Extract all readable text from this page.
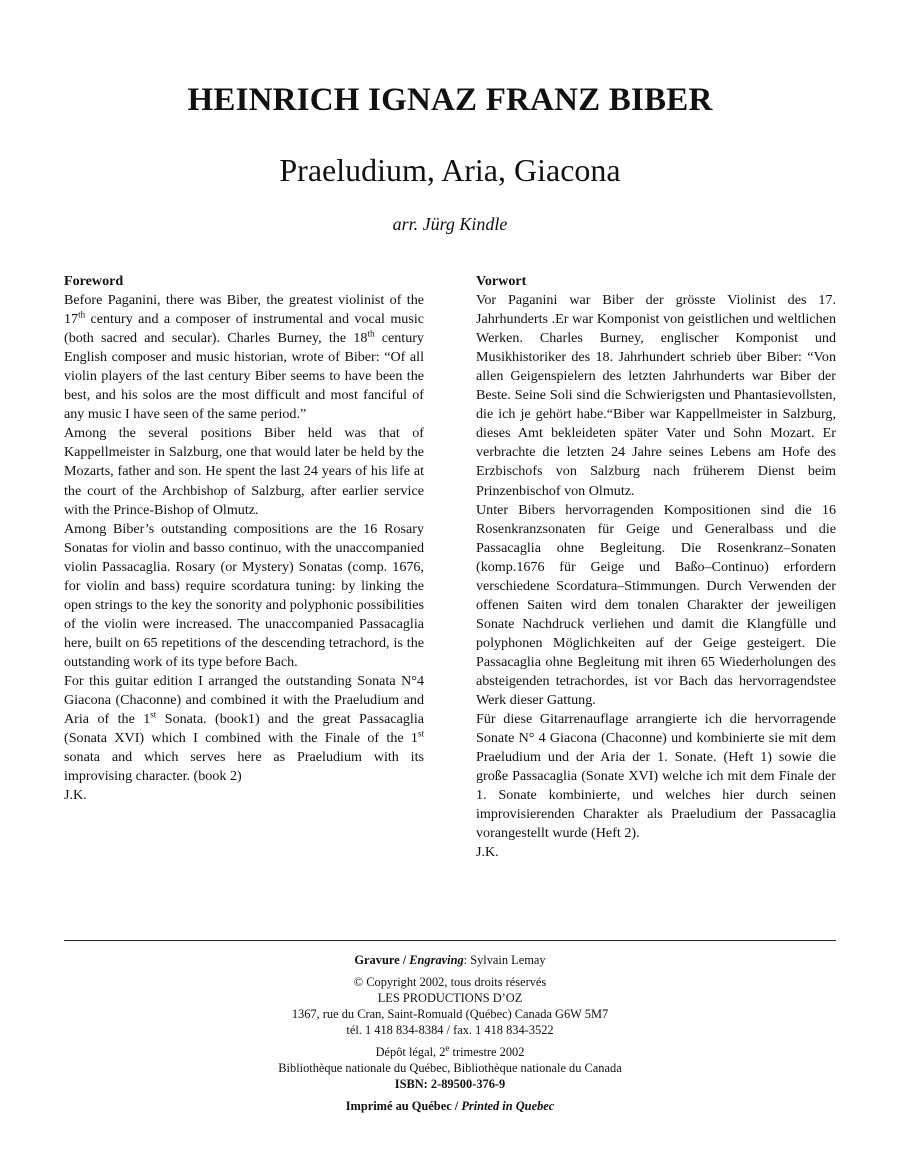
HEINRICH IGNAZ FRANZ BIBER
Praeludium, Aria, Giacona
arr. Jürg Kindle
Foreword

Before Paganini, there was Biber, the greatest violinist of the 17th century and a composer of instrumental and vocal music (both sacred and secular). Charles Burney, the 18th century English composer and music historian, wrote of Biber: “Of all violin players of the last century Biber seems to have been the best, and his solos are the most difficult and most fanciful of any music I have seen of the same period.”

Among the several positions Biber held was that of Kappellmeister in Salzburg, one that would later be held by the Mozarts, father and son. He spent the last 24 years of his life at the court of the Archbishop of Salzburg, after earlier service with the Prince-Bishop of Olmutz.

Among Biber’s outstanding compositions are the 16 Rosary Sonatas for violin and basso continuo, with the unaccompanied violin Passacaglia. Rosary (or Mystery) Sonatas (comp. 1676, for violin and bass) require scordatura tuning: by linking the open strings to the key the sonority and polyphonic possibilities of the violin were increased. The unaccompanied Passacaglia here, built on 65 repetitions of the descending tetrachord, is the outstanding work of its type before Bach.

For this guitar edition I arranged the outstanding Sonata N°4 Giacona (Chaconne) and combined it with the Praeludium and Aria of the 1st Sonata. (book1) and the great Passacaglia (Sonata XVI) which I combined with the Finale of the 1st sonata and which serves here as Praeludium with its improvising character. (book 2)

J.K.

Vorwort

Vor Paganini war Biber der grösste Violinist des 17. Jahrhunderts .Er war Komponist von geistlichen und weltlichen Werken. Charles Burney, englischer Komponist und Musikhistoriker des 18. Jahrhundert schrieb über Biber: “Von allen Geigenspielern des letzten Jahrhunderts war Biber der Beste. Seine Soli sind die Schwierigsten und Phantasievollsten, die ich je gehört habe.“Biber war Kappellmeister in Salzburg, dieses Amt bekleideten später Vater und Sohn Mozart. Er verbrachte die letzten 24 Jahre seines Lebens am Hofe des Erzbischofs von Salzburg nach früherem Dienst beim Prinzenbischof von Olmutz.

Unter Bibers hervorragenden Kompositionen sind die 16 Rosenkranzsonaten für Geige und Generalbass und die Passacaglia ohne Begleitung. Die Rosenkranz–Sonaten (komp.1676 für Geige und Baßo–Continuo) erfordern verschiedene Scordatura–Stimmungen. Durch Verwenden der offenen Saiten wird dem tonalen Charakter der jeweiligen Sonate Nachdruck verliehen und damit die Klangfülle und polyphonen Möglichkeiten auf der Geige gesteigert. Die Passacaglia ohne Begleitung mit ihren 65 Wiederholungen des absteigenden tetrachordes, ist vor Bach das hervorragendstee Werk dieser Gattung.

Für diese Gitarrenauflage arrangierte ich die hervorragende Sonate N° 4 Giacona (Chaconne) und kombinierte sie mit dem Praeludium und der Aria der 1. Sonate. (Heft 1) sowie die große Passacaglia (Sonate XVI) welche ich mit dem Finale der 1. Sonate kombinierte, und welches hier durch seinen improvisierenden Charakter als Praeludium der Passacaglia vorangestellt wurde (Heft 2).

J.K.

Gravure / Engraving: Sylvain Lemay
© Copyright 2002, tous droits réservés
LES PRODUCTIONS D’OZ
1367, rue du Cran, Saint-Romuald (Québec) Canada G6W 5M7
tél. 1 418 834-8384 / fax. 1 418 834-3522
Dépôt légal, 2e trimestre 2002
Bibliothèque nationale du Québec, Bibliothèque nationale du Canada
ISBN: 2-89500-376-9
Imprimé au Québec / Printed in Quebec
